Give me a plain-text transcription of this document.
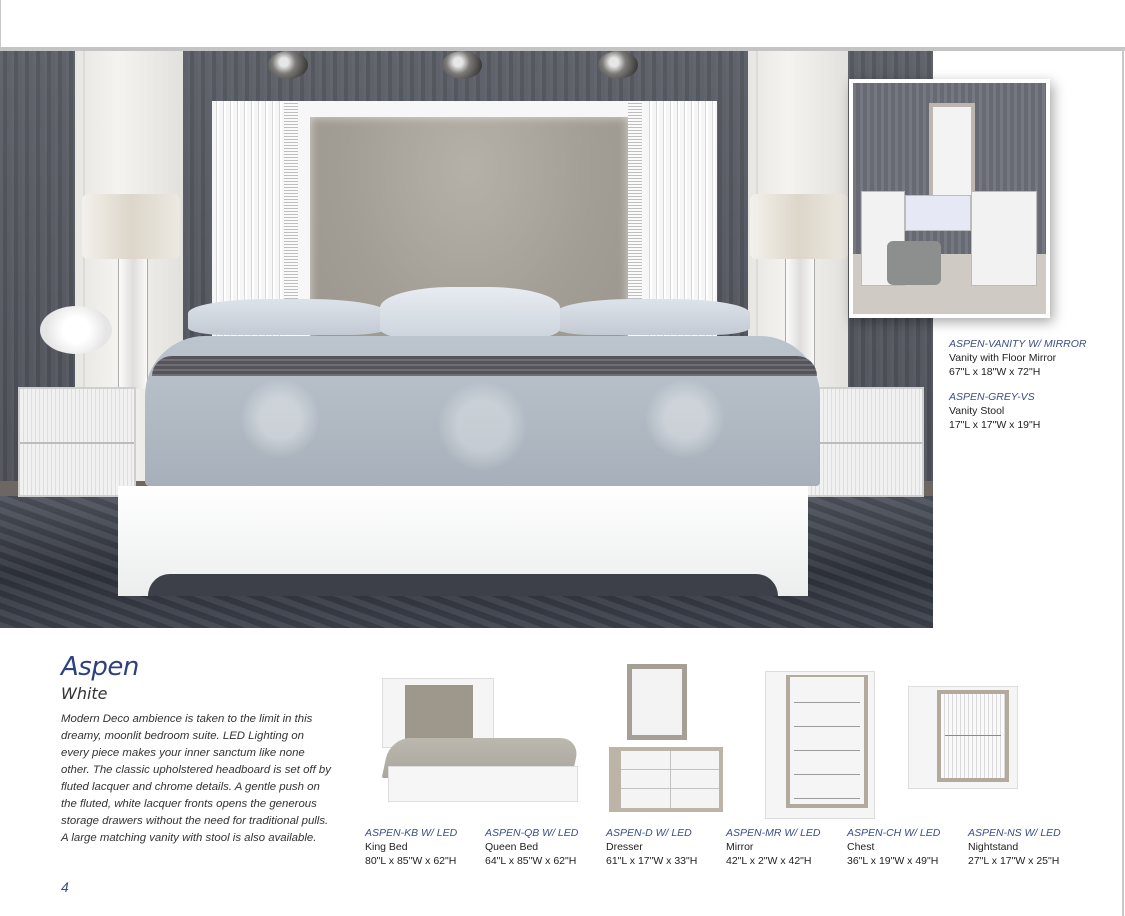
ASPEN-VANITY W/ MIRROR
Vanity with Floor Mirror
67"L x 18"W x 72"H
ASPEN-GREY-VS
Vanity Stool
17"L x 17"W x 19"H
Aspen
White
Modern Deco ambience is taken to the limit in this dreamy, moonlit bedroom suite. LED Lighting on every piece makes your inner sanctum like none other. The classic upholstered headboard is set off by fluted lacquer and chrome details. A gentle push on the fluted, white lacquer fronts opens the generous storage drawers without the need for traditional pulls. A large matching vanity with stool is also available.
4
ASPEN-KB W/ LED
King Bed
80"L x 85"W x 62"H
ASPEN-QB W/ LED
Queen Bed
64"L x 85"W x 62"H
ASPEN-D W/ LED
Dresser
61"L x 17"W x 33"H
ASPEN-MR W/ LED
Mirror
42"L x 2"W x 42"H
ASPEN-CH W/ LED
Chest
36"L x 19"W x 49"H
ASPEN-NS W/ LED
Nightstand
27"L x 17"W x 25"H
